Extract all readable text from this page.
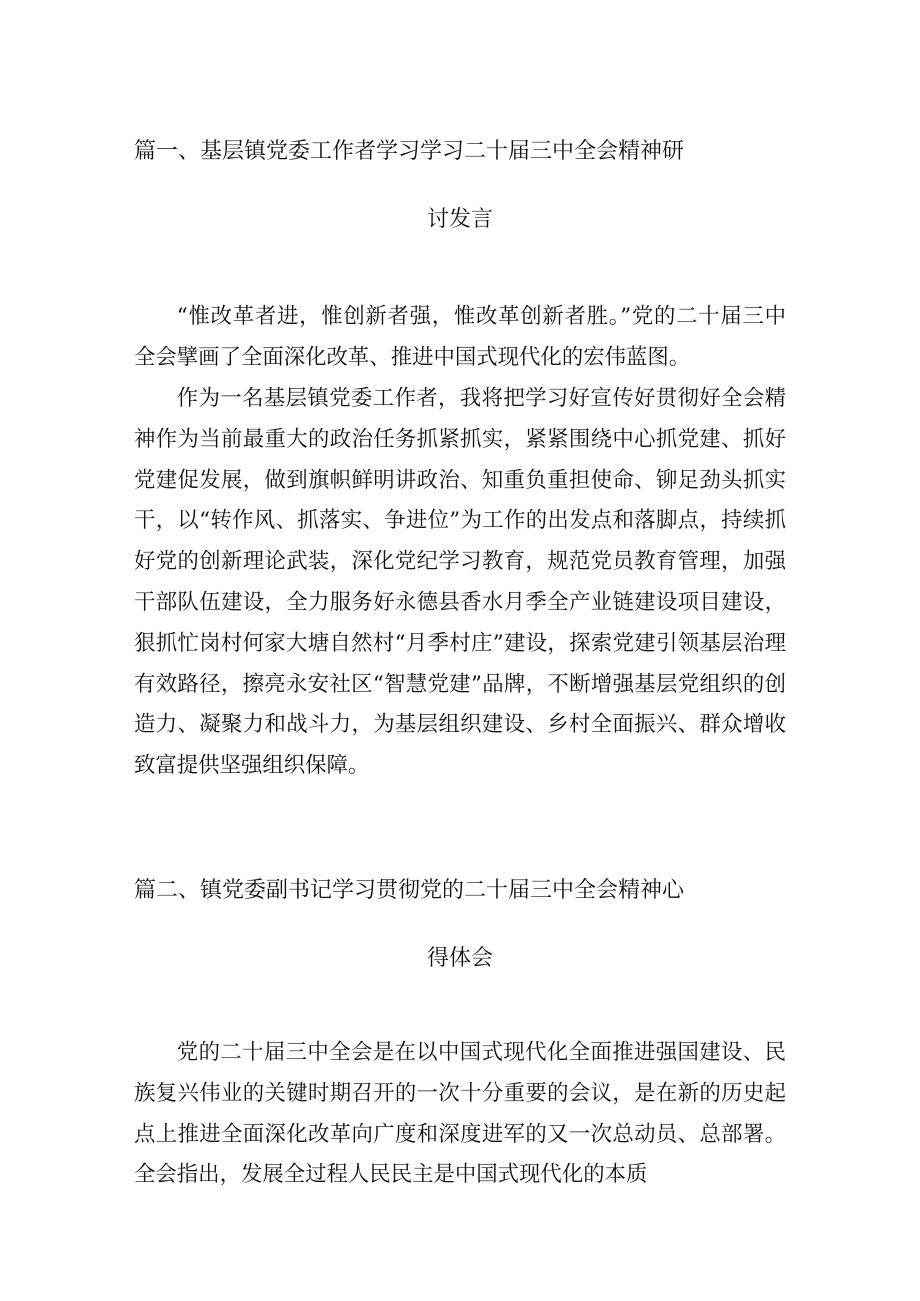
篇一、基层镇党委工作者学习学习二十届三中全会精神研
讨发言

“惟改革者进，惟创新者强，惟改革创新者胜。”党的二十届三中全会擘画了全面深化改革、推进中国式现代化的宏伟蓝图。

作为一名基层镇党委工作者，我将把学习好宣传好贯彻好全会精神作为当前最重大的政治任务抓紧抓实，紧紧围绕中心抓党建、抓好党建促发展，做到旗帜鲜明讲政治、知重负重担使命、铆足劲头抓实干，以“转作风、抓落实、争进位”为工作的出发点和落脚点，持续抓好党的创新理论武装，深化党纪学习教育，规范党员教育管理，加强干部队伍建设，全力服务好永德县香水月季全产业链建设项目建设，狠抓忙岗村何家大塘自然村“月季村庄”建设，探索党建引领基层治理有效路径，擦亮永安社区“智慧党建”品牌，不断增强基层党组织的创造力、凝聚力和战斗力，为基层组织建设、乡村全面振兴、群众增收致富提供坚强组织保障。

篇二、镇党委副书记学习贯彻党的二十届三中全会精神心
得体会

党的二十届三中全会是在以中国式现代化全面推进强国建设、民族复兴伟业的关键时期召开的一次十分重要的会议，是在新的历史起点上推进全面深化改革向广度和深度进军的又一次总动员、总部署。全会指出，发展全过程人民民主是中国式现代化的本质
